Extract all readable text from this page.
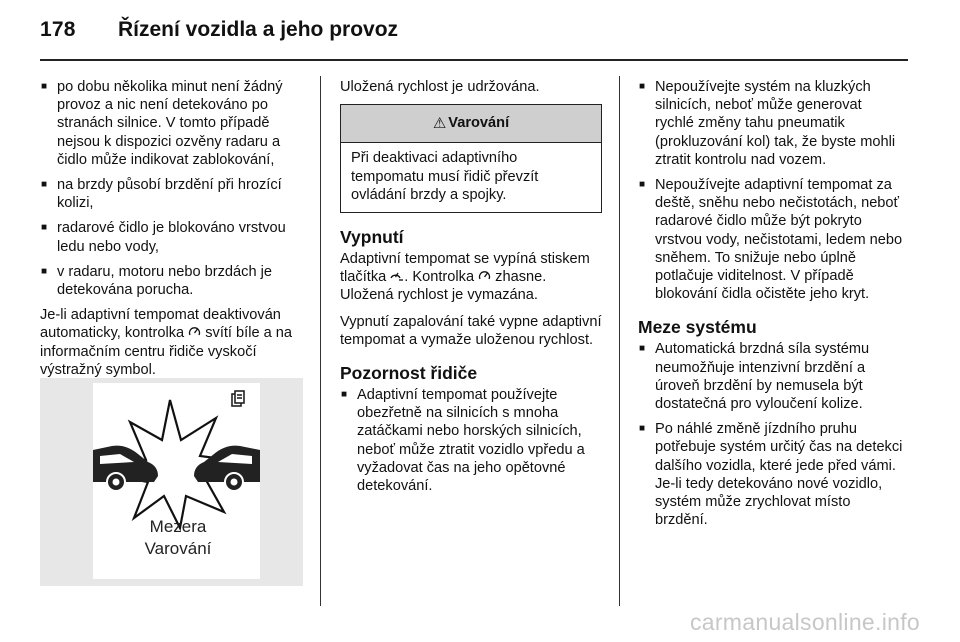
178 Řízení vozidla a jeho provoz
■ po dobu několika minut není žádný provoz a nic není detekováno po stranách silnice. V tomto případě nejsou k dispozici ozvěny radaru a čidlo může indikovat zablokování,
■ na brzdy působí brzdění při hrozící kolizi,
■ radarové čidlo je blokováno vrstvou ledu nebo vody,
■ v radaru, motoru nebo brzdách je detekována porucha.

Je-li adaptivní tempomat deaktivován automaticky, kontrolka  svítí bíle a na informačním centru řidiče vyskočí výstražný symbol.

Mezera
Varování

Uložená rychlost je udržována.

⚠ Varování
Při deaktivaci adaptivního tempomatu musí řidič převzít ovládání brzdy a spojky.
Vypnutí

Adaptivní tempomat se vypíná stiskem tlačítka . Kontrolka  zhasne. Uložená rychlost je vymazána.

Vypnutí zapalování také vypne adaptivní tempomat a vymaže uloženou rychlost.

Pozornost řidiče
■ Adaptivní tempomat používejte obezřetně na silnicích s mnoha zatáčkami nebo horských silnicích, neboť může ztratit vozidlo vpředu a vyžadovat čas na jeho opětovné detekování.
■ Nepoužívejte systém na kluzkých silnicích, neboť může generovat rychlé změny tahu pneumatik (prokluzování kol) tak, že byste mohli ztratit kontrolu nad vozem.
■ Nepoužívejte adaptivní tempomat za deště, sněhu nebo nečistotách, neboť radarové čidlo může být pokryto vrstvou vody, nečistotami, ledem nebo sněhem. To snižuje nebo úplně potlačuje viditelnost. V případě blokování čidla očistěte jeho kryt.
Meze systému
■ Automatická brzdná síla systému neumožňuje intenzivní brzdění a úroveň brzdění by nemusela být dostatečná pro vyloučení kolize.
■ Po náhlé změně jízdního pruhu potřebuje systém určitý čas na detekci dalšího vozidla, které jede před vámi. Je-li tedy detekováno nové vozidlo, systém může zrychlovat místo brzdění.
carmanualsonline.info
